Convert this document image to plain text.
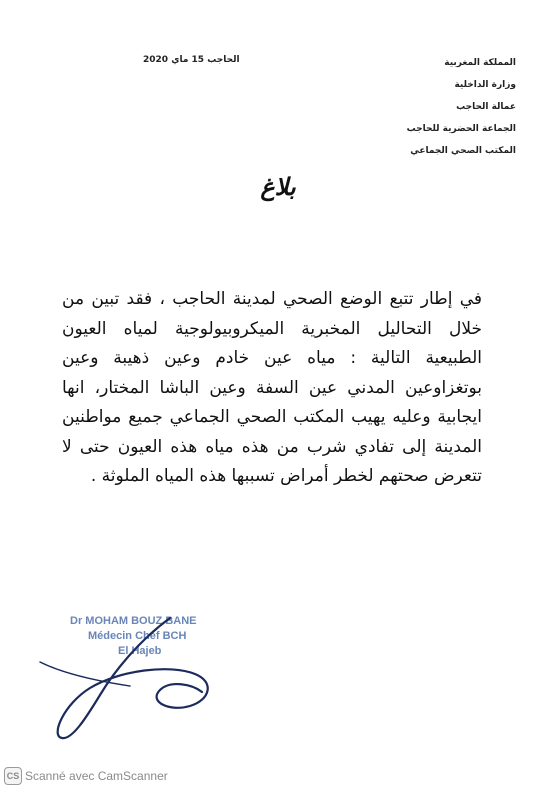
المملكة المغربية
وزارة الداخلية
عمالة الحاجب
الجماعة الحضرية للحاجب
المكتب الصحي الجماعي
الحاجب 15 ماي 2020
بلاغ
في إطار تتبع الوضع الصحي لمدينة الحاجب ، فقد تبين من خلال التحاليل المخبرية الميكروبيولوجية لمياه العيون الطبيعية التالية : مياه عين خادم وعين ذهيبة وعين بوتغزاوعين المدني عين السفة وعين الباشا المختار، انها ايجابية وعليه يهيب المكتب الصحي الجماعي جميع مواطنين المدينة إلى تفادي شرب من هذه مياه هذه العيون حتى لا تتعرض صحتهم لخطر أمراض تسببها هذه المياه الملوثة .
Dr MOHAM BOUZ BANE
Médecin Chef BCH
El Hajeb
CS Scanné avec CamScanner
